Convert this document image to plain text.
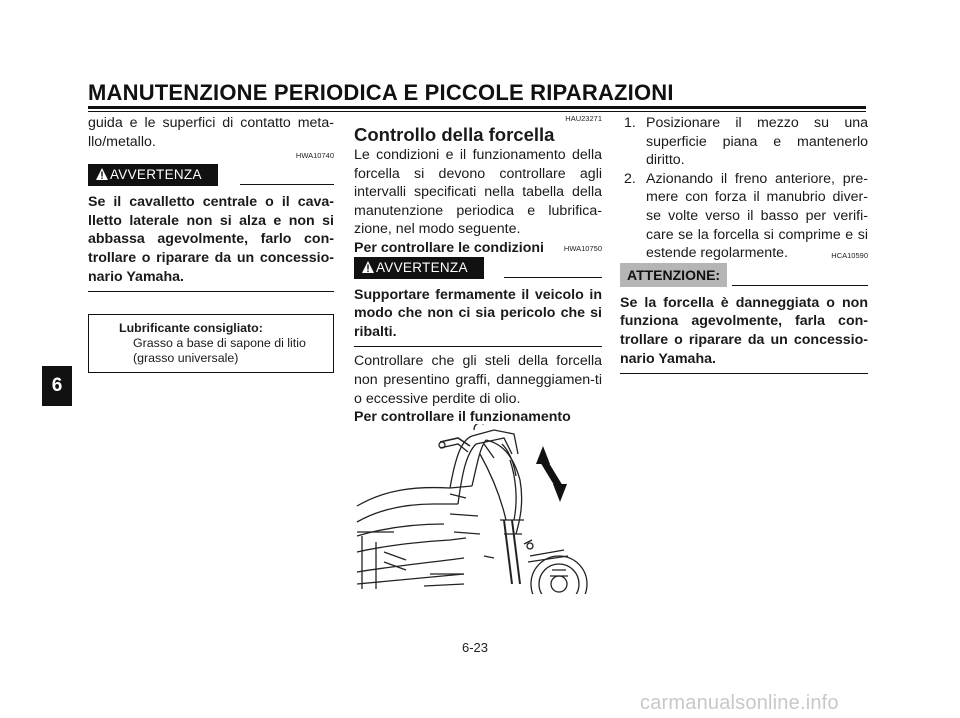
MANUTENZIONE PERIODICA E PICCOLE RIPARAZIONI
6

guida e le superfici di contatto meta-llo/metallo.

HWA10740
AVVERTENZA

Se il cavalletto centrale o il cava-lletto laterale non si alza e non si abbassa agevolmente, farlo con-trollare o riparare da un concessio-nario Yamaha.

Lubrificante consigliato:
Grasso a base di sapone di litio
(grasso universale)
HAU23271
Controllo della forcella

Le condizioni e il funzionamento della forcella si devono controllare agli intervalli specificati nella tabella della manutenzione periodica e lubrifica-zione, nel modo seguente.

Per controllare le condizioni	HWA10750
AVVERTENZA

Supportare fermamente il veicolo in modo che non ci sia pericolo che si ribalti.

Controllare che gli steli della forcella non presentino graffi, danneggiamen-ti o eccessive perdite di olio.

Per controllare il funzionamento

1. Posizionare il mezzo su una superficie piana e mantenerlo diritto.
2. Azionando il freno anteriore, pre-mere con forza il manubrio diver-se volte verso il basso per verifi-care se la forcella si comprime e si estende regolarmente.	HCA10590
ATTENZIONE:

Se la forcella è danneggiata o non funziona agevolmente, farla con-trollare o riparare da un concessio-nario Yamaha.

6-23
carmanualsonline.info
